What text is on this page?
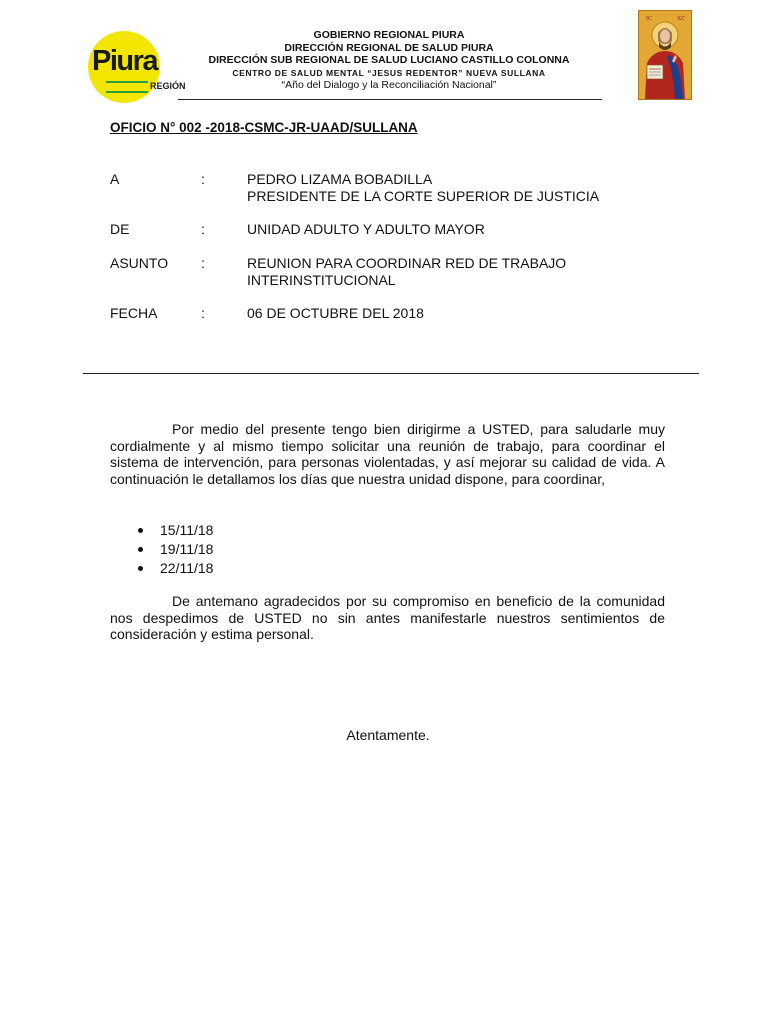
Piura
REGIÓN
GOBIERNO REGIONAL PIURA
DIRECCIÓN REGIONAL DE SALUD PIURA
DIRECCIÓN SUB REGIONAL DE SALUD LUCIANO CASTILLO COLONNA
CENTRO DE SALUD MENTAL “JESUS REDENTOR” NUEVA SULLANA
“Año del Dialogo y la Reconciliación Nacional”
IC	XC
OFICIO N° 002 -2018-CSMC-JR-UAAD/SULLANA
A	:	PEDRO LIZAMA BOBADILLA
PRESIDENTE DE LA CORTE SUPERIOR DE JUSTICIA
DE	:	UNIDAD ADULTO Y ADULTO MAYOR
ASUNTO :	REUNION PARA COORDINAR RED DE TRABAJO
INTERINSTITUCIONAL
FECHA	:	06 DE OCTUBRE DEL 2018
Por medio del presente tengo bien dirigirme a USTED, para saludarle muy cordialmente y al mismo tiempo solicitar una reunión de trabajo, para coordinar el sistema de intervención, para personas violentadas, y así mejorar su calidad de vida. A continuación le detallamos los días que nuestra unidad dispone, para coordinar,
15/11/18
19/11/18
22/11/18
De antemano agradecidos por su compromiso en beneficio de la comunidad nos despedimos de USTED no sin antes manifestarle nuestros sentimientos de consideración y estima personal.
Atentamente.
